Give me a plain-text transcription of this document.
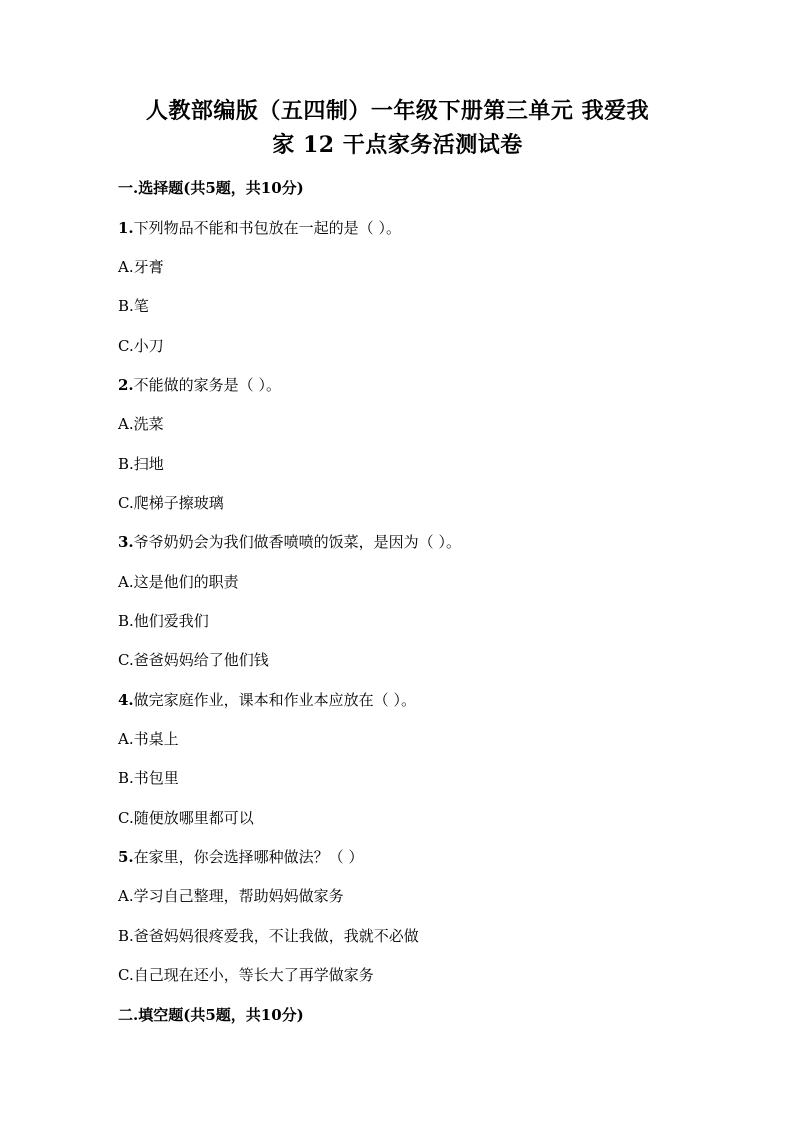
人教部编版（五四制）一年级下册第三单元 我爱我
家 12 干点家务活测试卷
一.选择题(共5题，共10分)
1.下列物品不能和书包放在一起的是（ ）。
A.牙膏
B.笔
C.小刀
2.不能做的家务是（ ）。
A.洗菜
B.扫地
C.爬梯子擦玻璃
3.爷爷奶奶会为我们做香喷喷的饭菜，是因为（ ）。
A.这是他们的职责
B.他们爱我们
C.爸爸妈妈给了他们钱
4.做完家庭作业，课本和作业本应放在（ ）。
A.书桌上
B.书包里
C.随便放哪里都可以
5.在家里，你会选择哪种做法？（ ）
A.学习自己整理，帮助妈妈做家务
B.爸爸妈妈很疼爱我，不让我做，我就不必做
C.自己现在还小，等长大了再学做家务
二.填空题(共5题，共10分)
